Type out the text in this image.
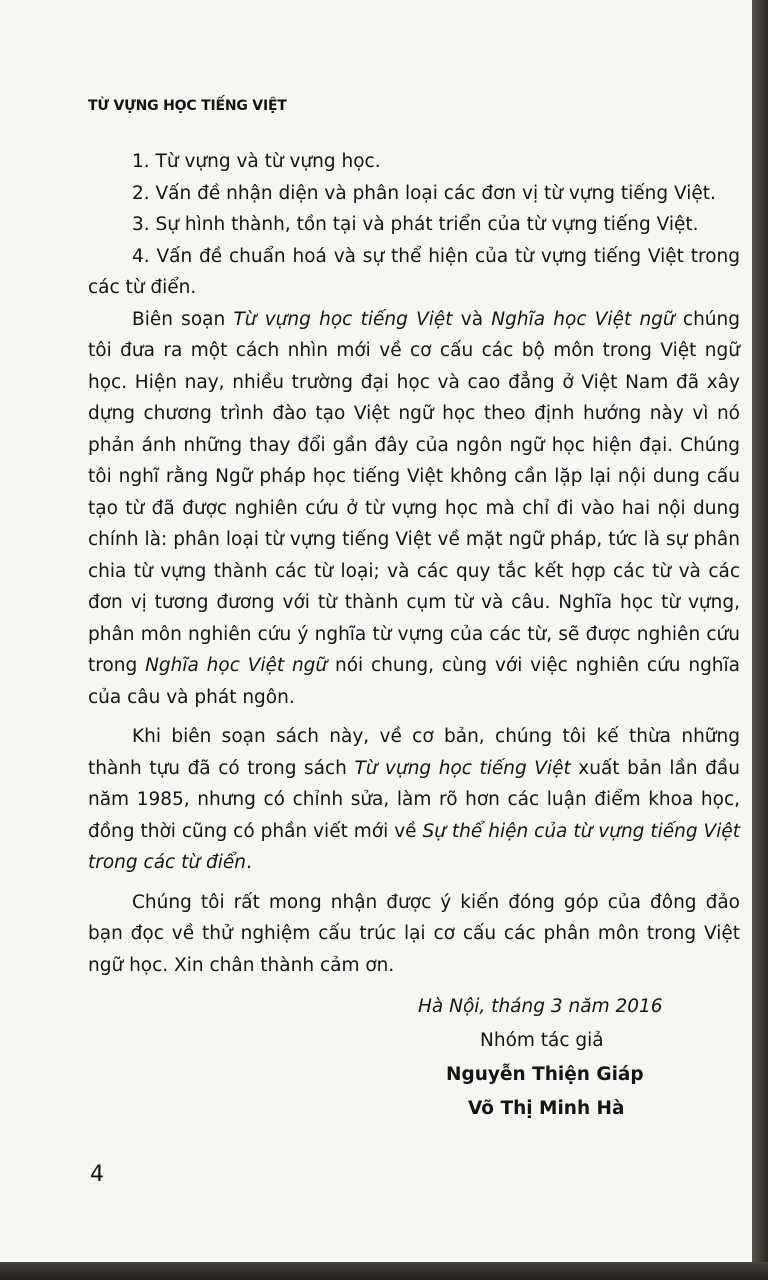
TỪ VỰNG HỌC TIẾNG VIỆT

1. Từ vựng và từ vựng học.

2. Vấn đề nhận diện và phân loại các đơn vị từ vựng tiếng Việt.

3. Sự hình thành, tồn tại và phát triển của từ vựng tiếng Việt.

4. Vấn đề chuẩn hoá và sự thể hiện của từ vựng tiếng Việt trong các từ điển.

Biên soạn Từ vựng học tiếng Việt và Nghĩa học Việt ngữ chúng tôi đưa ra một cách nhìn mới về cơ cấu các bộ môn trong Việt ngữ học. Hiện nay, nhiều trường đại học và cao đẳng ở Việt Nam đã xây dựng chương trình đào tạo Việt ngữ học theo định hướng này vì nó phản ánh những thay đổi gần đây của ngôn ngữ học hiện đại. Chúng tôi nghĩ rằng Ngữ pháp học tiếng Việt không cần lặp lại nội dung cấu tạo từ đã được nghiên cứu ở từ vựng học mà chỉ đi vào hai nội dung chính là: phân loại từ vựng tiếng Việt về mặt ngữ pháp, tức là sự phân chia từ vựng thành các từ loại; và các quy tắc kết hợp các từ và các đơn vị tương đương với từ thành cụm từ và câu. Nghĩa học từ vựng, phân môn nghiên cứu ý nghĩa từ vựng của các từ, sẽ được nghiên cứu trong Nghĩa học Việt ngữ nói chung, cùng với việc nghiên cứu nghĩa của câu và phát ngôn.

Khi biên soạn sách này, về cơ bản, chúng tôi kế thừa những thành tựu đã có trong sách Từ vựng học tiếng Việt xuất bản lần đầu năm 1985, nhưng có chỉnh sửa, làm rõ hơn các luận điểm khoa học, đồng thời cũng có phần viết mới về Sự thể hiện của từ vựng tiếng Việt trong các từ điển.

Chúng tôi rất mong nhận được ý kiến đóng góp của đông đảo bạn đọc về thử nghiệm cấu trúc lại cơ cấu các phân môn trong Việt ngữ học. Xin chân thành cảm ơn.

Hà Nội, tháng 3 năm 2016
Nhóm tác giả
Nguyễn Thiện Giáp
Võ Thị Minh Hà
4
